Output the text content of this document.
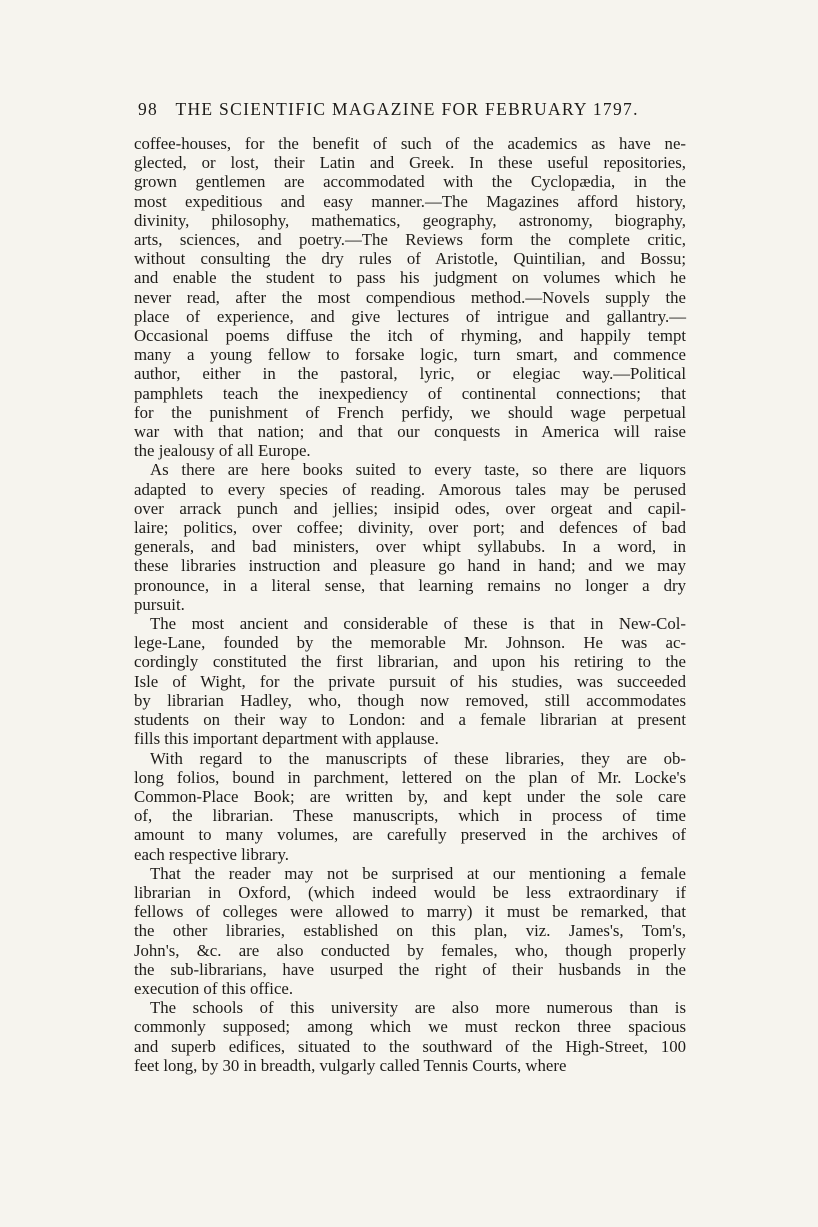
98 THE SCIENTIFIC MAGAZINE FOR FEBRUARY 1797.
coffee-houses, for the benefit of such of the academics as have ne-
glected, or lost, their Latin and Greek. In these useful repositories,
grown gentlemen are accommodated with the Cyclopædia, in the
most expeditious and easy manner.—The Magazines afford history,
divinity, philosophy, mathematics, geography, astronomy, biography,
arts, sciences, and poetry.—The Reviews form the complete critic,
without consulting the dry rules of Aristotle, Quintilian, and Bossu;
and enable the student to pass his judgment on volumes which he
never read, after the most compendious method.—Novels supply the
place of experience, and give lectures of intrigue and gallantry.—
Occasional poems diffuse the itch of rhyming, and happily tempt
many a young fellow to forsake logic, turn smart, and commence
author, either in the pastoral, lyric, or elegiac way.—Political
pamphlets teach the inexpediency of continental connections; that
for the punishment of French perfidy, we should wage perpetual
war with that nation; and that our conquests in America will raise
the jealousy of all Europe.
As there are here books suited to every taste, so there are liquors
adapted to every species of reading. Amorous tales may be perused
over arrack punch and jellies; insipid odes, over orgeat and capil-
laire; politics, over coffee; divinity, over port; and defences of bad
generals, and bad ministers, over whipt syllabubs. In a word, in
these libraries instruction and pleasure go hand in hand; and we may
pronounce, in a literal sense, that learning remains no longer a dry
pursuit.
The most ancient and considerable of these is that in New-Col-
lege-Lane, founded by the memorable Mr. Johnson. He was ac-
cordingly constituted the first librarian, and upon his retiring to the
Isle of Wight, for the private pursuit of his studies, was succeeded
by librarian Hadley, who, though now removed, still accommodates
students on their way to London: and a female librarian at present
fills this important department with applause.
With regard to the manuscripts of these libraries, they are ob-
long folios, bound in parchment, lettered on the plan of Mr. Locke's
Common-Place Book; are written by, and kept under the sole care
of, the librarian. These manuscripts, which in process of time
amount to many volumes, are carefully preserved in the archives of
each respective library.
That the reader may not be surprised at our mentioning a female
librarian in Oxford, (which indeed would be less extraordinary if
fellows of colleges were allowed to marry) it must be remarked, that
the other libraries, established on this plan, viz. James's, Tom's,
John's, &c. are also conducted by females, who, though properly
the sub-librarians, have usurped the right of their husbands in the
execution of this office.
The schools of this university are also more numerous than is
commonly supposed; among which we must reckon three spacious
and superb edifices, situated to the southward of the High-Street, 100
feet long, by 30 in breadth, vulgarly called Tennis Courts, where
